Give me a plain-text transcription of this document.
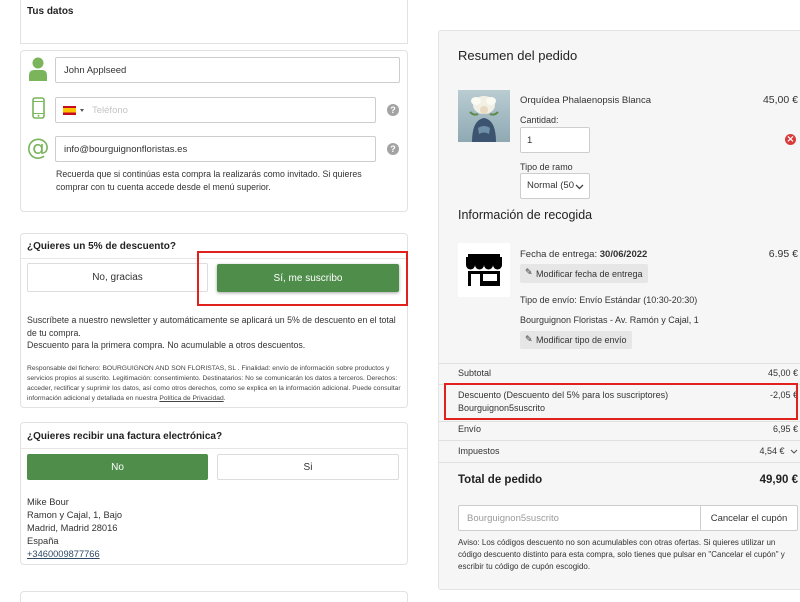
Tus datos
John Applseed
Teléfono
?
@
info@bourguignonfloristas.es
?

Recuerda que si continúas esta compra la realizarás como invitado. Si quieres comprar con tu cuenta accede desde el menú superior.

¿Quieres un 5% de descuento?
No, gracias	Sí, me suscribo
Suscríbete a nuestro newsletter y automáticamente se aplicará un 5% de descuento en el total de tu compra.
Descuento para la primera compra. No acumulable a otros descuentos.

Responsable del fichero: BOURGUIGNON AND SON FLORISTAS, SL . Finalidad: envío de información sobre productos y servicios propios al suscrito. Legitimación: consentimiento. Destinatarios: No se comunicarán los datos a terceros. Derechos: acceder, rectificar y suprimir los datos, así como otros derechos, como se explica en la información adicional. Puede consultar información adicional y detallada en nuestra Política de Privacidad.

¿Quieres recibir una factura electrónica?
No	Si
Mike Bour
Ramon y Cajal, 1, Bajo
Madrid, Madrid 28016
España
+3460009877766
Resumen del pedido
Orquídea Phalaenopsis Blanca	45,00 €
Cantidad:
1
×
Tipo de ramo
Normal (50
Información de recogida
Fecha de entrega: 30/06/2022	6.95 €
✎
Modificar fecha de entrega
Tipo de envío: Envío Estándar (10:30-20:30)
Bourguignon Floristas - Av. Ramón y Cajal, 1
✎
Modificar tipo de envío
Subtotal	45,00 €
Descuento (Descuento del 5% para los suscriptores)
Bourguignon5suscrito
-2,05 €
Envío	6,95 €
Impuestos	4,54 €
Total de pedido	49,90 €
Bourguignon5suscrito
Cancelar el cupón

Aviso: Los códigos descuento no son acumulables con otras ofertas. Si quieres utilizar un código descuento distinto para esta compra, solo tienes que pulsar en "Cancelar el cupón" y escribir tu código de cupón escogido.
